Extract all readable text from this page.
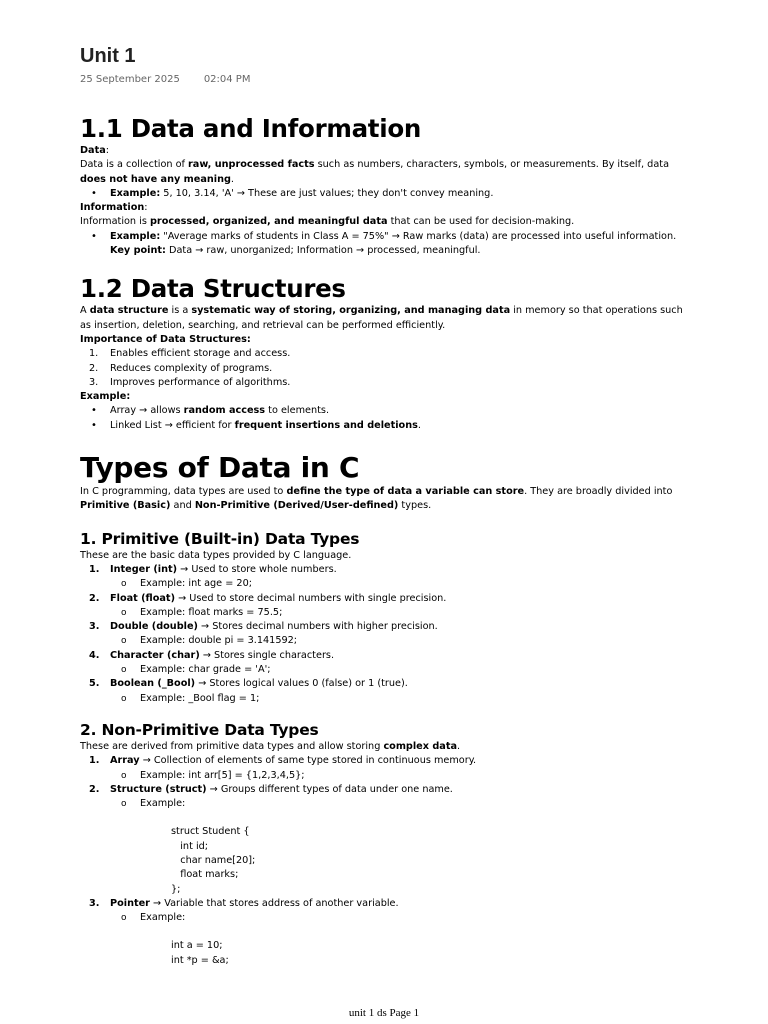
Unit 1
25 September 2025 02:04 PM
1.1 Data and Information

Data:

Data is a collection of raw, unprocessed facts such as numbers, characters, symbols, or measurements. By itself, data does not have any meaning.

• Example: 5, 10, 3.14, 'A' → These are just values; they don't convey meaning.

Information:

Information is processed, organized, and meaningful data that can be used for decision-making.

• Example: "Average marks of students in Class A = 75%" → Raw marks (data) are processed into useful information.
Key point: Data → raw, unorganized; Information → processed, meaningful.
1.2 Data Structures

A data structure is a systematic way of storing, organizing, and managing data in memory so that operations such as insertion, deletion, searching, and retrieval can be performed efficiently.

Importance of Data Structures:

1. Enables efficient storage and access.
2. Reduces complexity of programs.
3. Improves performance of algorithms.

Example:

• Array → allows random access to elements.
• Linked List → efficient for frequent insertions and deletions.
Types of Data in C

In C programming, data types are used to define the type of data a variable can store. They are broadly divided into Primitive (Basic) and Non-Primitive (Derived/User-defined) types.

1. Primitive (Built-in) Data Types

These are the basic data types provided by C language.

1. Integer (int) → Used to store whole numbers.
o Example: int age = 20;
2. Float (float) → Used to store decimal numbers with single precision.
o Example: float marks = 75.5;
3. Double (double) → Stores decimal numbers with higher precision.
o Example: double pi = 3.141592;
4. Character (char) → Stores single characters.
o Example: char grade = 'A';
5. Boolean (_Bool) → Stores logical values 0 (false) or 1 (true).
o Example: _Bool flag = 1;
2. Non-Primitive Data Types

These are derived from primitive data types and allow storing complex data.

1. Array → Collection of elements of same type stored in continuous memory.
o Example: int arr[5] = {1,2,3,4,5};
2. Structure (struct) → Groups different types of data under one name.
o Example:
struct Student {
int id;
char name[20];
float marks;
};
3. Pointer → Variable that stores address of another variable.
o Example:
int a = 10;
int *p = &a;
unit 1 ds Page 1
